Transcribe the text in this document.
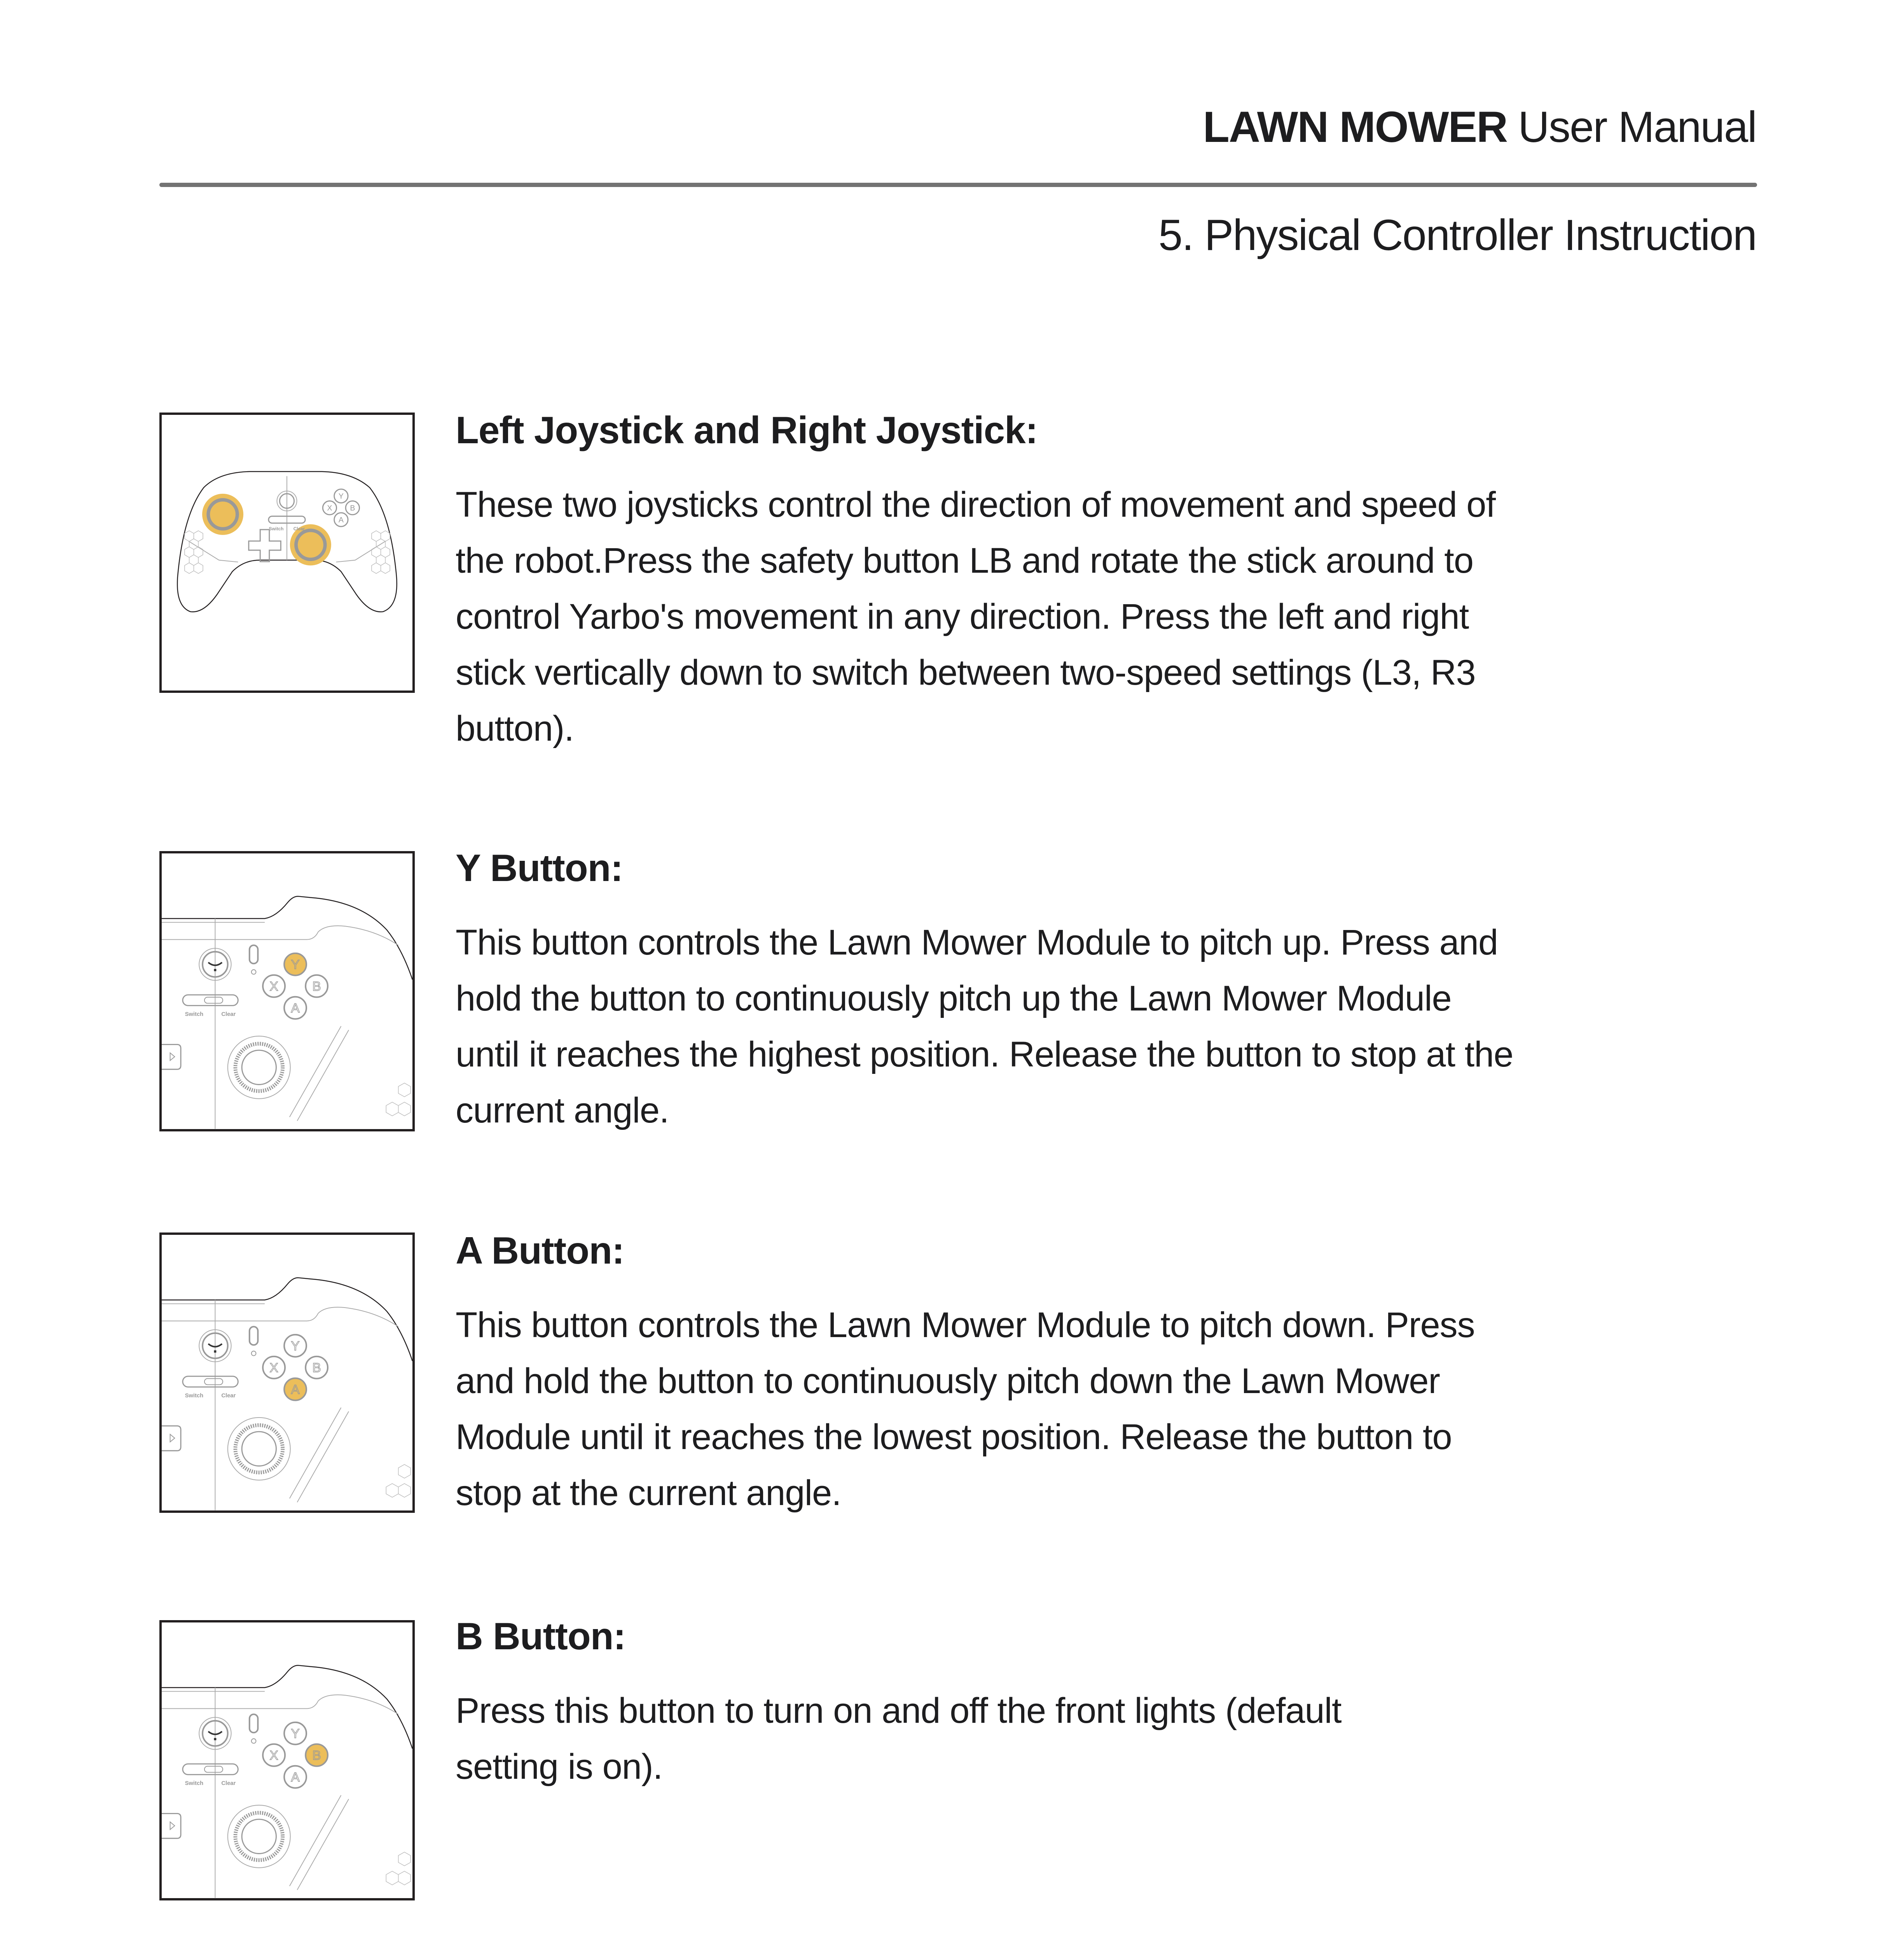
LAWN MOWER User Manual
5. Physical Controller Instruction
Y
X B
A
Switch Clear
Left Joystick and Right Joystick:
These two joysticks control the direction of movement and speed of
the robot.Press the safety button LB and rotate the stick around to
control Yarbo's movement in any direction. Press the left and right
stick vertically down to switch between two-speed settings (L3, R3
button).
Switch	Clear
Y
X	B
A
Y Button:
This button controls the Lawn Mower Module to pitch up. Press and
hold the button to continuously pitch up the Lawn Mower Module
until it reaches the highest position. Release the button to stop at the
current angle.
Switch	Clear
Y
X	B
A
A Button:
This button controls the Lawn Mower Module to pitch down. Press
and hold the button to continuously pitch down the Lawn Mower
Module until it reaches the lowest position. Release the button to
stop at the current angle.
Switch	Clear
Y
X	B
A
B Button:
Press this button to turn on and off the front lights (default
setting is on).
